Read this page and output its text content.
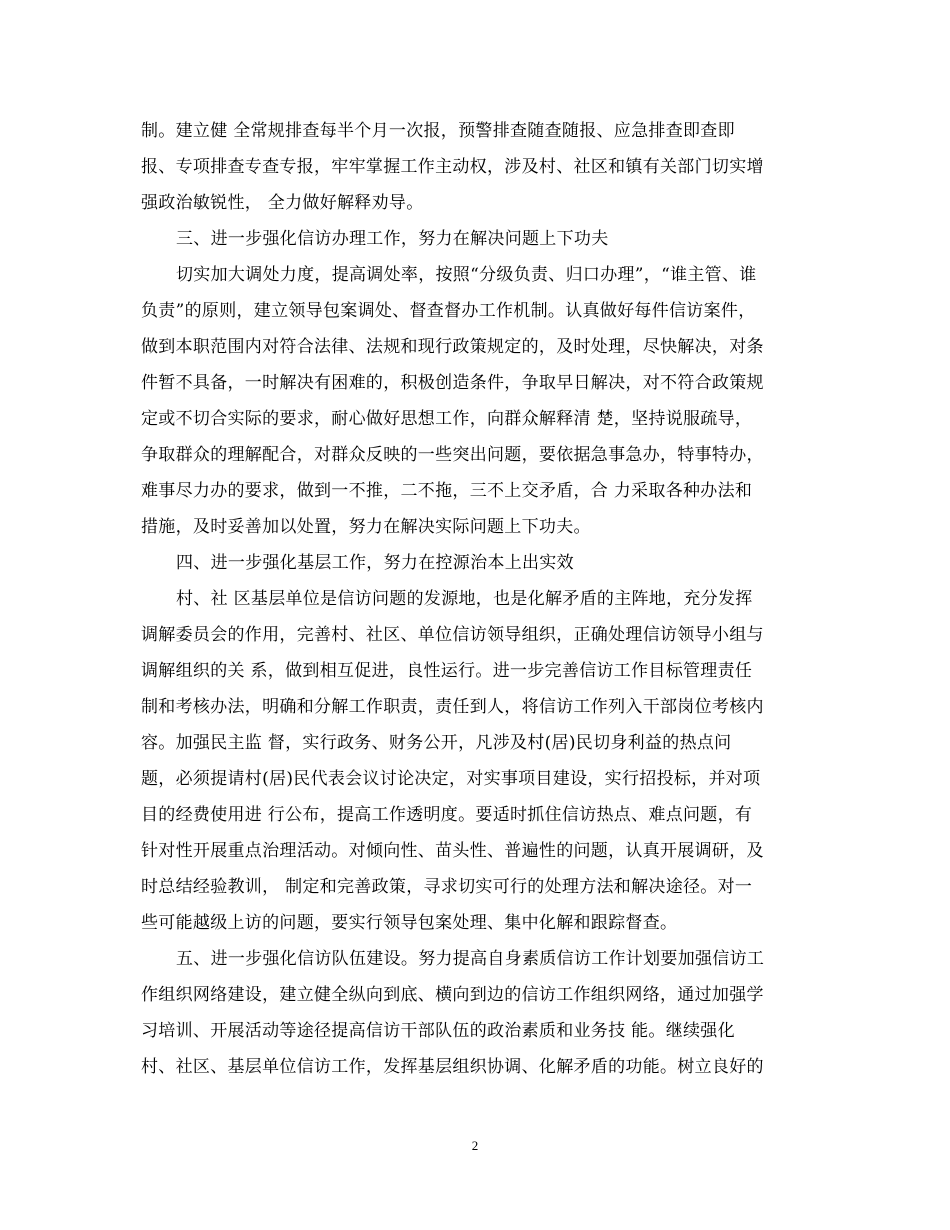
制。建立健 全常规排查每半个月一次报，预警排查随查随报、应急排查即查即
报、专项排查专查专报，牢牢掌握工作主动权，涉及村、社区和镇有关部门切实增
强政治敏锐性， 全力做好解释劝导。
三、进一步强化信访办理工作，努力在解决问题上下功夫
切实加大调处力度，提高调处率，按照“分级负责、归口办理”，“谁主管、谁
负责”的原则，建立领导包案调处、督查督办工作机制。认真做好每件信访案件，
做到本职范围内对符合法律、法规和现行政策规定的，及时处理，尽快解决，对条
件暂不具备，一时解决有困难的，积极创造条件，争取早日解决，对不符合政策规
定或不切合实际的要求，耐心做好思想工作，向群众解释清 楚，坚持说服疏导，
争取群众的理解配合，对群众反映的一些突出问题，要依据急事急办，特事特办，
难事尽力办的要求，做到一不推，二不拖，三不上交矛盾，合 力采取各种办法和
措施，及时妥善加以处置，努力在解决实际问题上下功夫。
四、进一步强化基层工作，努力在控源治本上出实效
村、社 区基层单位是信访问题的发源地，也是化解矛盾的主阵地，充分发挥
调解委员会的作用，完善村、社区、单位信访领导组织，正确处理信访领导小组与
调解组织的关 系，做到相互促进，良性运行。进一步完善信访工作目标管理责任
制和考核办法，明确和分解工作职责，责任到人，将信访工作列入干部岗位考核内
容。加强民主监 督，实行政务、财务公开，凡涉及村(居)民切身利益的热点问
题，必须提请村(居)民代表会议讨论决定，对实事项目建设，实行招投标，并对项
目的经费使用进 行公布，提高工作透明度。要适时抓住信访热点、难点问题，有
针对性开展重点治理活动。对倾向性、苗头性、普遍性的问题，认真开展调研，及
时总结经验教训， 制定和完善政策，寻求切实可行的处理方法和解决途径。对一
些可能越级上访的问题，要实行领导包案处理、集中化解和跟踪督查。
五、进一步强化信访队伍建设。努力提高自身素质信访工作计划要加强信访工
作组织网络建设，建立健全纵向到底、横向到边的信访工作组织网络，通过加强学
习培训、开展活动等途径提高信访干部队伍的政治素质和业务技 能。继续强化
村、社区、基层单位信访工作，发挥基层组织协调、化解矛盾的功能。树立良好的
2
